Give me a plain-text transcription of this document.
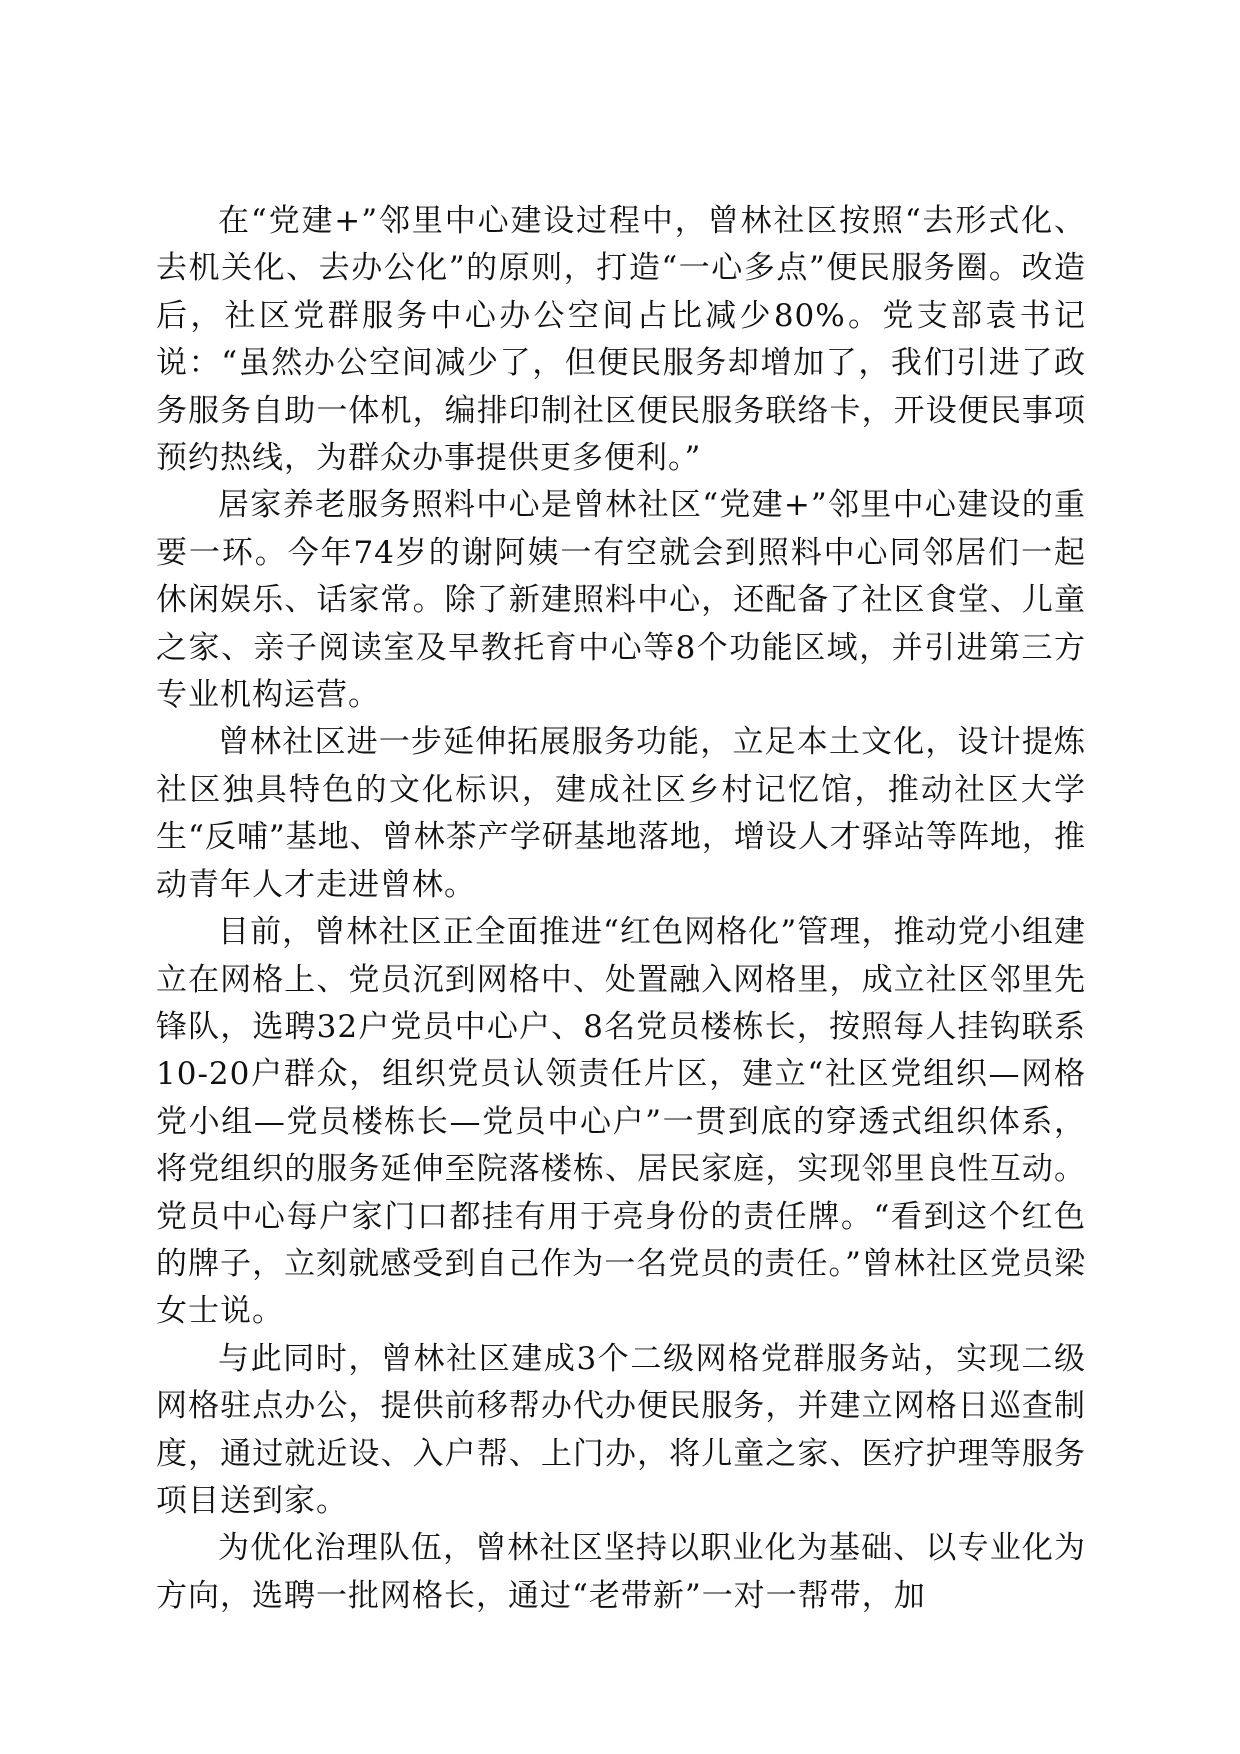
在“党建+”邻里中心建设过程中，曾林社区按照“去形式化、去机关化、去办公化”的原则，打造“一心多点”便民服务圈。改造后，社区党群服务中心办公空间占比减少80%。党支部袁书记说：“虽然办公空间减少了，但便民服务却增加了，我们引进了政务服务自助一体机，编排印制社区便民服务联络卡，开设便民事项预约热线，为群众办事提供更多便利。”

居家养老服务照料中心是曾林社区“党建+”邻里中心建设的重要一环。今年74岁的谢阿姨一有空就会到照料中心同邻居们一起休闲娱乐、话家常。除了新建照料中心，还配备了社区食堂、儿童之家、亲子阅读室及早教托育中心等8个功能区域，并引进第三方专业机构运营。

曾林社区进一步延伸拓展服务功能，立足本土文化，设计提炼社区独具特色的文化标识，建成社区乡村记忆馆，推动社区大学生“反哺”基地、曾林茶产学研基地落地，增设人才驿站等阵地，推动青年人才走进曾林。

目前，曾林社区正全面推进“红色网格化”管理，推动党小组建立在网格上、党员沉到网格中、处置融入网格里，成立社区邻里先锋队，选聘32户党员中心户、8名党员楼栋长，按照每人挂钩联系10-20户群众，组织党员认领责任片区，建立“社区党组织—网格党小组—党员楼栋长—党员中心户”一贯到底的穿透式组织体系，将党组织的服务延伸至院落楼栋、居民家庭，实现邻里良性互动。党员中心每户家门口都挂有用于亮身份的责任牌。“看到这个红色的牌子，立刻就感受到自己作为一名党员的责任。”曾林社区党员梁女士说。

与此同时，曾林社区建成3个二级网格党群服务站，实现二级网格驻点办公，提供前移帮办代办便民服务，并建立网格日巡查制度，通过就近设、入户帮、上门办，将儿童之家、医疗护理等服务项目送到家。

为优化治理队伍，曾林社区坚持以职业化为基础、以专业化为方向，选聘一批网格长，通过“老带新”一对一帮带，加
